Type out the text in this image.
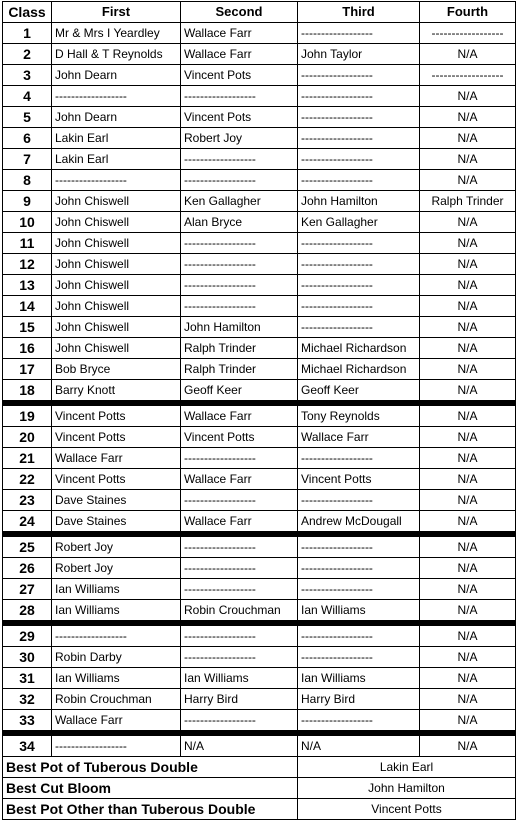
Class	First	Second	Third	Fourth
1	Mr & Mrs I Yeardley	Wallace Farr	------------------	------------------
2	D Hall & T Reynolds	Wallace Farr	John Taylor	N/A
3	John Dearn	Vincent Pots	------------------	------------------
4	------------------	------------------	------------------	N/A
5	John Dearn	Vincent Pots	------------------	N/A
6	Lakin Earl	Robert Joy	------------------	N/A
7	Lakin Earl	------------------	------------------	N/A
8	------------------	------------------	------------------	N/A
9	John Chiswell	Ken Gallagher	John Hamilton	Ralph Trinder
10	John Chiswell	Alan Bryce	Ken Gallagher	N/A
11	John Chiswell	------------------	------------------	N/A
12	John Chiswell	------------------	------------------	N/A
13	John Chiswell	------------------	------------------	N/A
14	John Chiswell	------------------	------------------	N/A
15	John Chiswell	John Hamilton	------------------	N/A
16	John Chiswell	Ralph Trinder	Michael Richardson	N/A
17	Bob Bryce	Ralph Trinder	Michael Richardson	N/A
18	Barry Knott	Geoff Keer	Geoff Keer	N/A
19	Vincent Potts	Wallace Farr	Tony Reynolds	N/A
20	Vincent Potts	Vincent Potts	Wallace Farr	N/A
21	Wallace Farr	------------------	------------------	N/A
22	Vincent Potts	Wallace Farr	Vincent Potts	N/A
23	Dave Staines	------------------	------------------	N/A
24	Dave Staines	Wallace Farr	Andrew McDougall	N/A
25	Robert Joy	------------------	------------------	N/A
26	Robert Joy	------------------	------------------	N/A
27	Ian Williams	------------------	------------------	N/A
28	Ian Williams	Robin Crouchman	Ian Williams	N/A
29	------------------	------------------	------------------	N/A
30	Robin Darby	------------------	------------------	N/A
31	Ian Williams	Ian Williams	Ian Williams	N/A
32	Robin Crouchman	Harry Bird	Harry Bird	N/A
33	Wallace Farr	------------------	------------------	N/A
34	------------------	N/A	N/A	N/A
Best Pot of Tuberous Double			Lakin Earl	
Best Cut Bloom			John Hamilton	
Best Pot Other than Tuberous Double			Vincent Potts	
